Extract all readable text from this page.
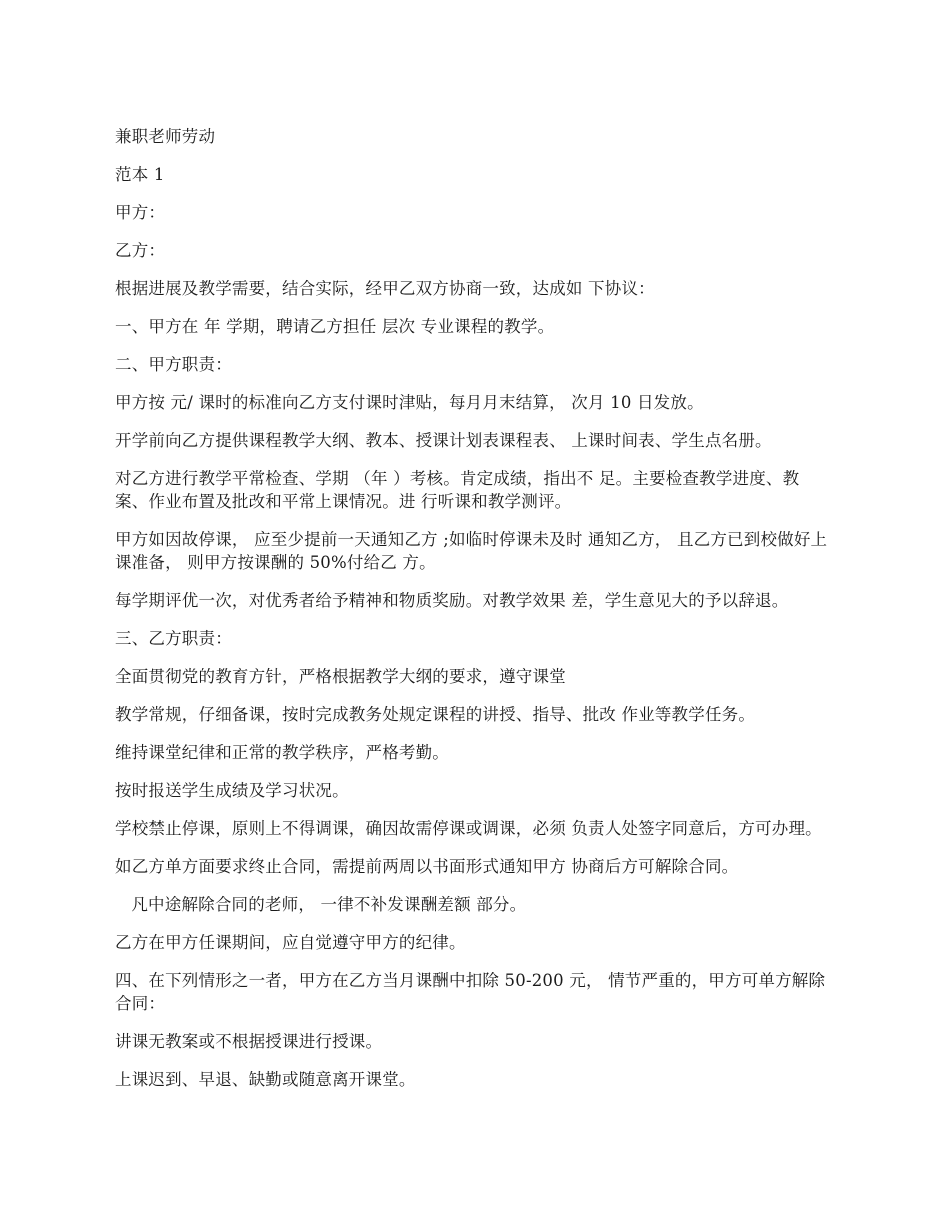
兼职老师劳动

范本 1

甲方：

乙方：

根据进展及教学需要，结合实际，经甲乙双方协商一致，达成如 下协议：

一、甲方在 年 学期，聘请乙方担任 层次 专业课程的教学。

二、甲方职责：

甲方按 元/ 课时的标准向乙方支付课时津贴，每月月末结算， 次月 10 日发放。

开学前向乙方提供课程教学大纲、教本、授课计划表课程表、 上课时间表、学生点名册。

对乙方进行教学平常检查、学期 （年 ）考核。肯定成绩，指出不 足。主要检查教学进度、教案、作业布置及批改和平常上课情况。进 行听课和教学测评。

甲方如因故停课， 应至少提前一天通知乙方 ;如临时停课未及时 通知乙方， 且乙方已到校做好上课准备， 则甲方按课酬的 50%付给乙 方。

每学期评优一次，对优秀者给予精神和物质奖励。对教学效果 差，学生意见大的予以辞退。

三、乙方职责：

全面贯彻党的教育方针，严格根据教学大纲的要求，遵守课堂

教学常规，仔细备课，按时完成教务处规定课程的讲授、指导、批改 作业等教学任务。

维持课堂纪律和正常的教学秩序，严格考勤。

按时报送学生成绩及学习状况。

学校禁止停课，原则上不得调课，确因故需停课或调课，必须 负责人处签字同意后，方可办理。

如乙方单方面要求终止合同，需提前两周以书面形式通知甲方 协商后方可解除合同。

凡中途解除合同的老师， 一律不补发课酬差额 部分。

乙方在甲方任课期间，应自觉遵守甲方的纪律。

四、在下列情形之一者，甲方在乙方当月课酬中扣除 50-200 元， 情节严重的，甲方可单方解除合同：

讲课无教案或不根据授课进行授课。

上课迟到、早退、缺勤或随意离开课堂。
